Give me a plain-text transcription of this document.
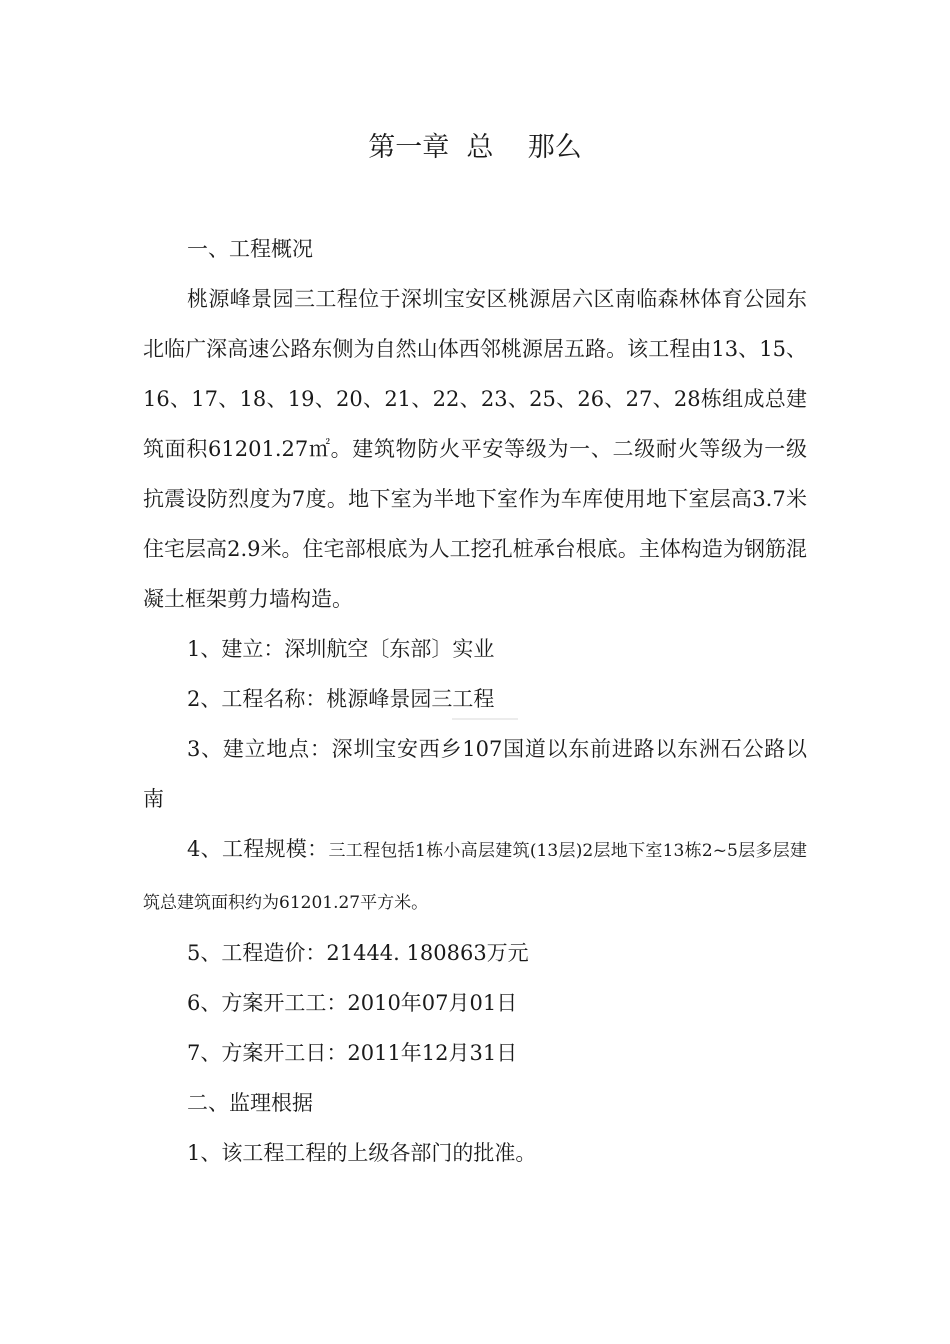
第一章  总    那么

一、工程概况

桃源峰景园三工程位于深圳宝安区桃源居六区南临森林体育公园东北临广深高速公路东侧为自然山体西邻桃源居五路。该工程由13、15、16、17、18、19、20、21、22、23、25、26、27、28栋组成总建筑面积61201.27㎡。建筑物防火平安等级为一、二级耐火等级为一级抗震设防烈度为7度。地下室为半地下室作为车库使用地下室层高3.7米住宅层高2.9米。住宅部根底为人工挖孔桩承台根底。主体构造为钢筋混凝土框架剪力墙构造。

1、建立：深圳航空〔东部〕实业

2、工程名称：桃源峰景园三工程

3、建立地点：深圳宝安西乡107国道以东前进路以东洲石公路以南

4、工程规模：三工程包括1栋小高层建筑(13层)2层地下室13栋2~5层多层建筑总建筑面积约为61201.27平方米。

5、工程造价：21444. 180863万元

6、方案开工工：2010年07月01日

7、方案开工日：2011年12月31日

二、监理根据

1、该工程工程的上级各部门的批准。
